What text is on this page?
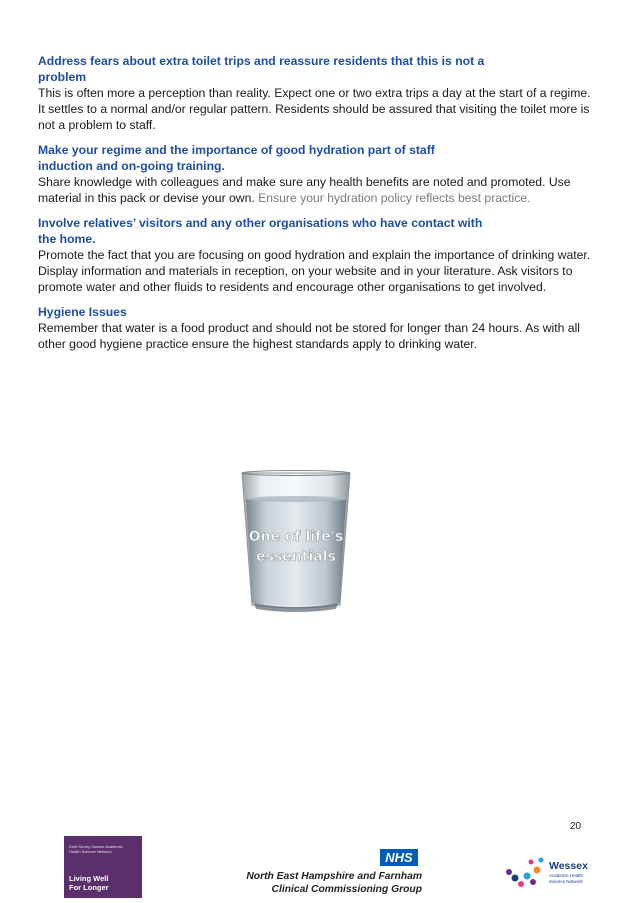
Address fears about extra toilet trips and reassure residents that this is not a
problem

This is often more a perception than reality. Expect one or two extra trips a day at the start of a regime. It settles to a normal and/or regular pattern. Residents should be assured that visiting the toilet more is not a problem to staff.

Make your regime and the importance of good hydration part of staff
induction and on-going training.

Share knowledge with colleagues and make sure any health benefits are noted and promoted. Use material in this pack or devise your own. Ensure your hydration policy reflects best practice.

Involve relatives’ visitors and any other organisations who have contact with
the home.

Promote the fact that you are focusing on good hydration and explain the importance of drinking water. Display information and materials in reception, on your website and in your literature. Ask visitors to promote water and other fluids to residents and encourage other organisations to get involved.

Hygiene Issues

Remember that water is a food product and should not be stored for longer than 24 hours. As with all other good hygiene practice ensure the highest standards apply to drinking water.

One of life's
essentials
20
Kent Surrey Sussex Academic Health Science Network
Living Well
For Longer
NHS
North East Hampshire and Farnham
Clinical Commissioning Group
Wessex
Academic Health Science Network
